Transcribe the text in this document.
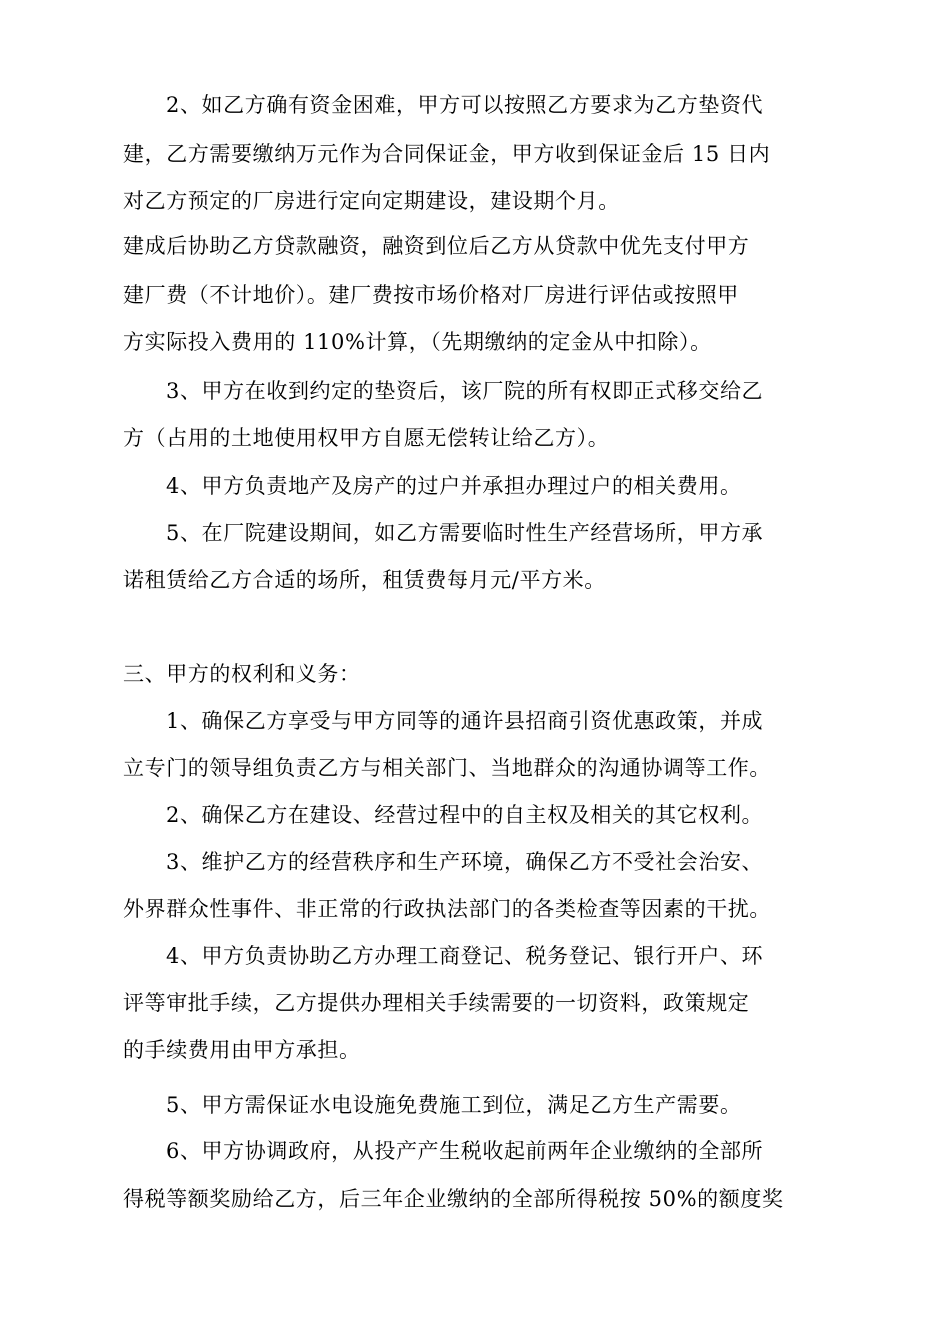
2、如乙方确有资金困难，甲方可以按照乙方要求为乙方垫资代
建，乙方需要缴纳万元作为合同保证金，甲方收到保证金后 15 日内
对乙方预定的厂房进行定向定期建设，建设期个月。
建成后协助乙方贷款融资，融资到位后乙方从贷款中优先支付甲方
建厂费（不计地价）。建厂费按市场价格对厂房进行评估或按照甲
方实际投入费用的 110%计算，（先期缴纳的定金从中扣除）。
3、甲方在收到约定的垫资后，该厂院的所有权即正式移交给乙
方（占用的土地使用权甲方自愿无偿转让给乙方）。
4、甲方负责地产及房产的过户并承担办理过户的相关费用。
5、在厂院建设期间，如乙方需要临时性生产经营场所，甲方承
诺租赁给乙方合适的场所，租赁费每月元/平方米。
三、甲方的权利和义务：
1、确保乙方享受与甲方同等的通许县招商引资优惠政策，并成
立专门的领导组负责乙方与相关部门、当地群众的沟通协调等工作。
2、确保乙方在建设、经营过程中的自主权及相关的其它权利。
3、维护乙方的经营秩序和生产环境，确保乙方不受社会治安、
外界群众性事件、非正常的行政执法部门的各类检查等因素的干扰。
4、甲方负责协助乙方办理工商登记、税务登记、银行开户、环
评等审批手续，乙方提供办理相关手续需要的一切资料，政策规定
的手续费用由甲方承担。
5、甲方需保证水电设施免费施工到位，满足乙方生产需要。
6、甲方协调政府，从投产产生税收起前两年企业缴纳的全部所
得税等额奖励给乙方，后三年企业缴纳的全部所得税按 50%的额度奖
